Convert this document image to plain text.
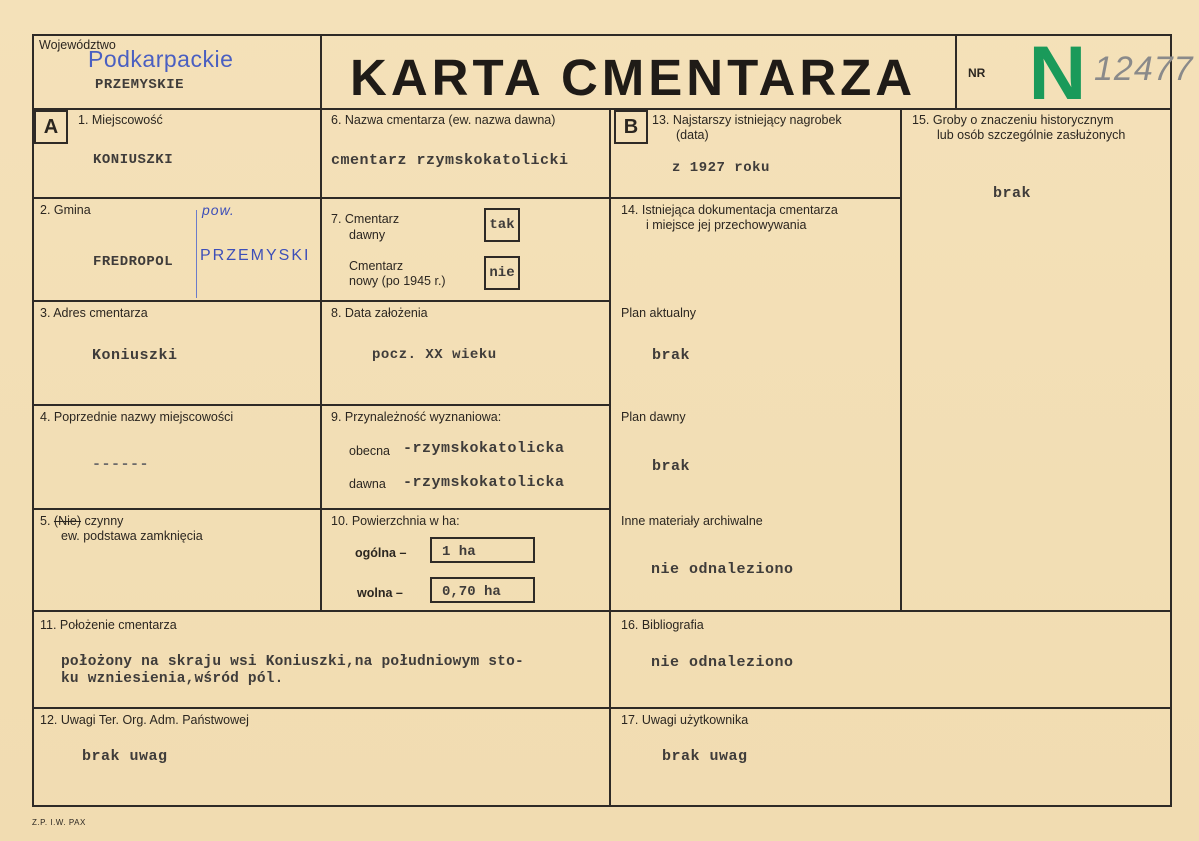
Województwo
Podkarpackie
PRZEMYSKIE	KARTA CMENTARZA	NR N 12477
A	1. Miejscowość
KONIUSZKI
2. Gmina	pow.
FREDROPOL PRZEMYSKI
3. Adres cmentarza
Koniuszki
4. Poprzednie nazwy miejscowości
------
5. (Nie) czynny
ew. podstawa zamknięcia
6. Nazwa cmentarza (ew. nazwa dawna)
cmentarz rzymskokatolicki
7. Cmentarz
dawny
tak
Cmentarz
nowy (po 1945 r.)	nie
8. Data założenia
pocz. XX wieku
9. Przynależność wyznaniowa:
obecna -rzymskokatolicka
dawna -rzymskokatolicka
10. Powierzchnia w ha:
ogólna –	1 ha
wolna –	0,70 ha
B	13. Najstarszy istniejący nagrobek
(data)
z 1927 roku
14. Istniejąca dokumentacja cmentarza
i miejsce jej przechowywania
Plan aktualny
brak
Plan dawny
brak
Inne materiały archiwalne
nie odnaleziono
15. Groby o znaczeniu historycznym
lub osób szczególnie zasłużonych
brak
11. Położenie cmentarza
położony na skraju wsi Koniuszki,na południowym sto-
ku wzniesienia,wśród pól.
16. Bibliografia
nie odnaleziono
12. Uwagi Ter. Org. Adm. Państwowej
brak uwag
17. Uwagi użytkownika
brak uwag
Z.P. I.W. PAX
